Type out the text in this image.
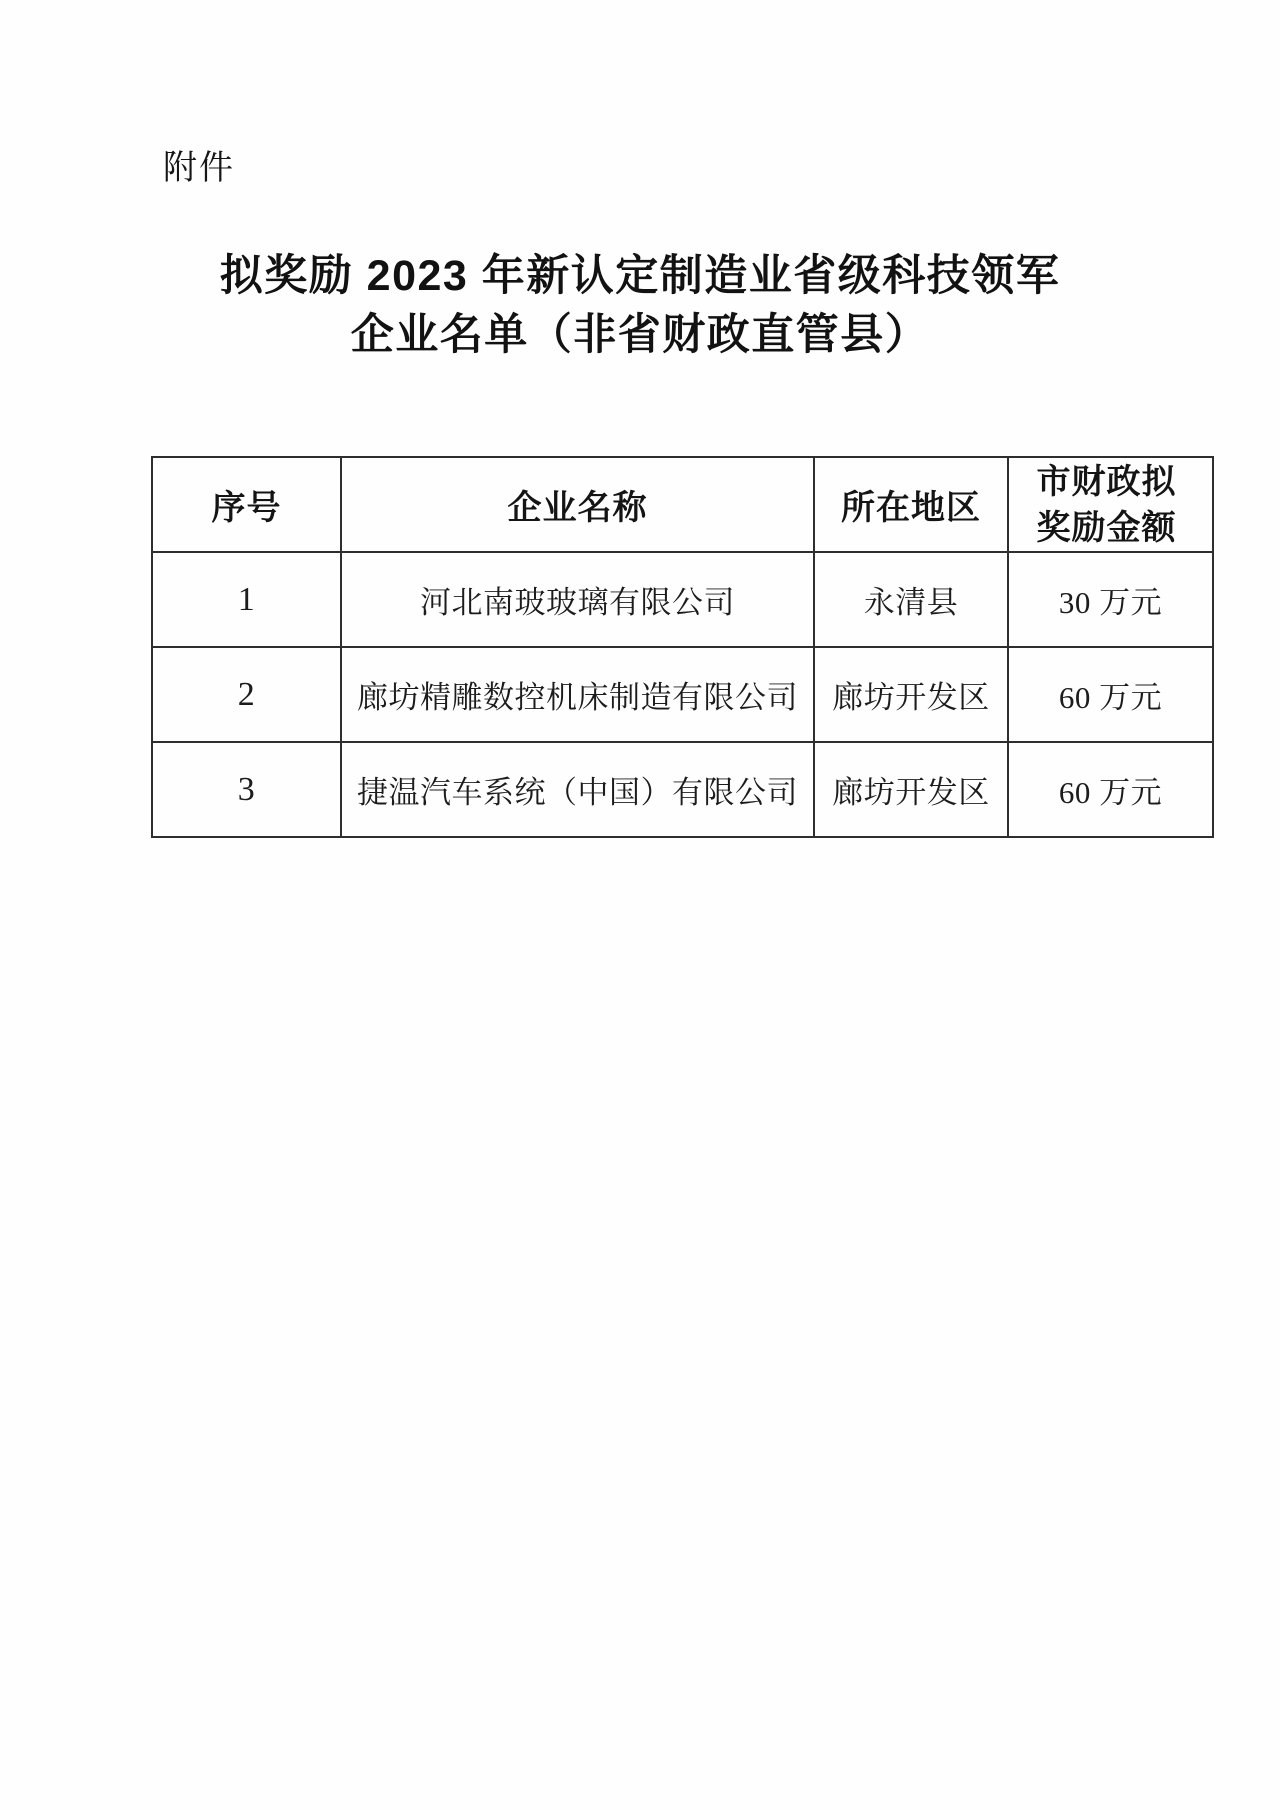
附件
拟奖励 2023 年新认定制造业省级科技领军
企业名单（非省财政直管县）
序号	企业名称	所在地区	市财政拟奖励金额
1	河北南玻玻璃有限公司	永清县	30 万元
2	廊坊精雕数控机床制造有限公司	廊坊开发区	60 万元
3	捷温汽车系统（中国）有限公司	廊坊开发区	60 万元
